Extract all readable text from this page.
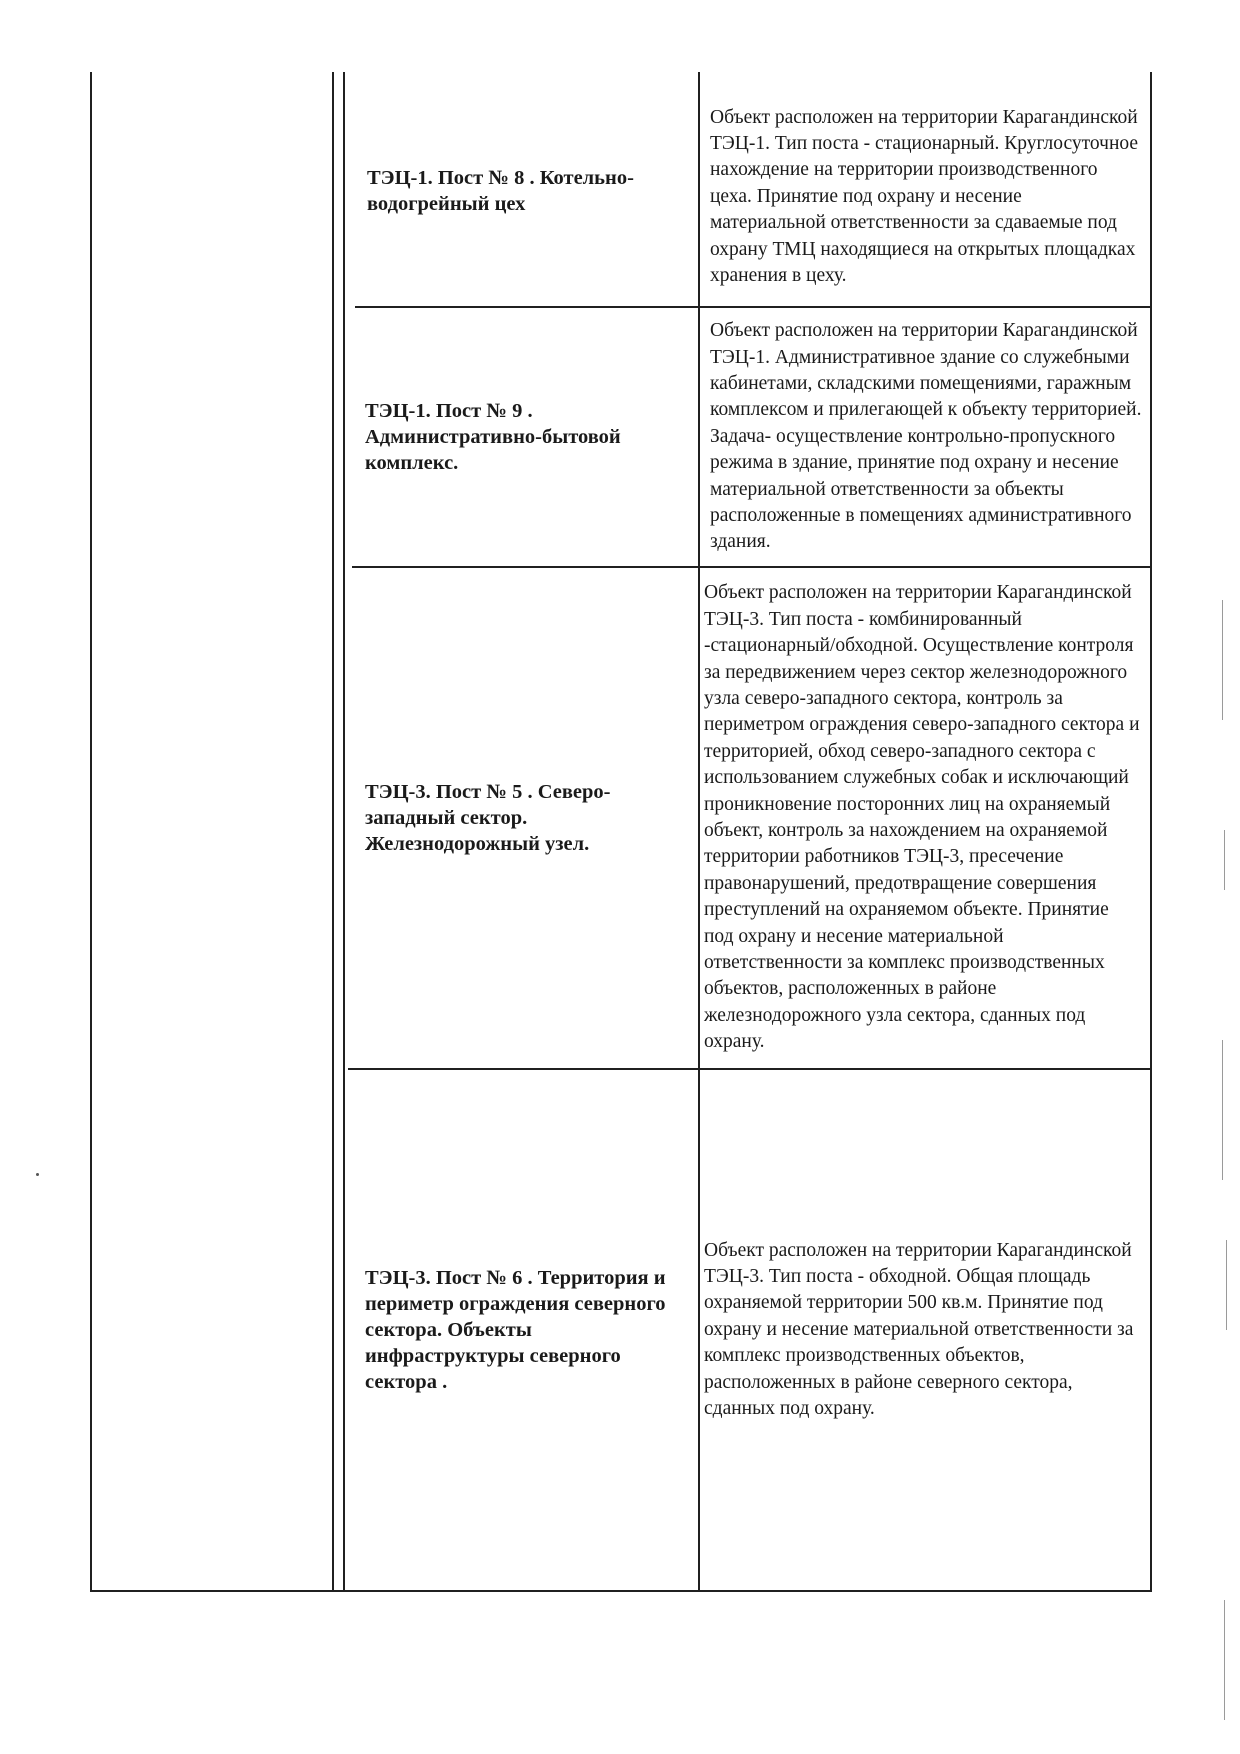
ТЭЦ-1. Пост № 8 . Котельно-водогрейный цех
Объект расположен на территории Карагандинской ТЭЦ-1. Тип поста - стационарный. Круглосуточное нахождение на территории производственного цеха. Принятие под охрану и несение материальной ответственности за сдаваемые под охрану ТМЦ находящиеся на открытых площадках хранения в цеху.
ТЭЦ-1. Пост № 9 . Административно-бытовой комплекс.
Объект расположен на территории Карагандинской ТЭЦ-1. Административное здание со служебными кабинетами, складскими помещениями, гаражным комплексом и прилегающей к объекту территорией. Задача- осуществление контрольно-пропускного режима в здание, принятие под охрану и несение материальной ответственности за объекты расположенные в помещениях административного здания.
ТЭЦ-3. Пост № 5 . Северо-западный сектор. Железнодорожный узел.
Объект расположен на территории Карагандинской ТЭЦ-3. Тип поста - комбинированный -стационарный/обходной. Осуществление контроля за передвижением через сектор железнодорожного узла северо-западного сектора, контроль за периметром ограждения северо-западного сектора и территорией, обход северо-западного сектора с использованием служебных собак и исключающий проникновение посторонних лиц на охраняемый объект, контроль за нахождением на охраняемой территории работников ТЭЦ-3, пресечение правонарушений, предотвращение совершения преступлений на охраняемом объекте. Принятие под охрану и несение материальной ответственности за комплекс производственных объектов, расположенных в районе железнодорожного узла сектора, сданных под охрану.
ТЭЦ-3. Пост № 6 . Территория и периметр ограждения северного сектора. Объекты инфраструктуры северного сектора .
Объект расположен на территории Карагандинской ТЭЦ-3. Тип поста - обходной. Общая площадь охраняемой территории 500 кв.м. Принятие под охрану и несение материальной ответственности за комплекс производственных объектов, расположенных в районе северного сектора, сданных под охрану.
